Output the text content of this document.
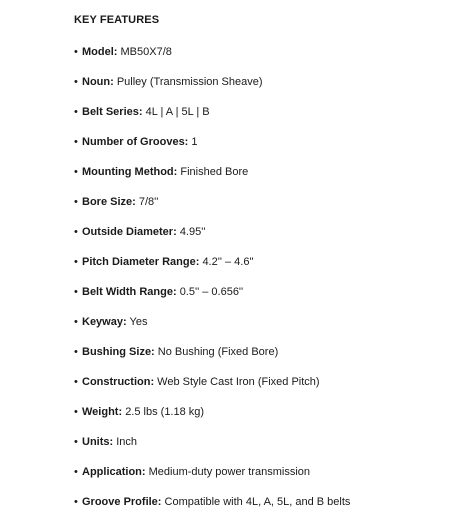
KEY FEATURES
• Model: MB50X7/8
• Noun: Pulley (Transmission Sheave)
• Belt Series: 4L | A | 5L | B
• Number of Grooves: 1
• Mounting Method: Finished Bore
• Bore Size: 7/8''
• Outside Diameter: 4.95''
• Pitch Diameter Range: 4.2'' – 4.6''
• Belt Width Range: 0.5'' – 0.656''
• Keyway: Yes
• Bushing Size: No Bushing (Fixed Bore)
• Construction: Web Style Cast Iron (Fixed Pitch)
• Weight: 2.5 lbs (1.18 kg)
• Units: Inch
• Application: Medium-duty power transmission
• Groove Profile: Compatible with 4L, A, 5L, and B belts
